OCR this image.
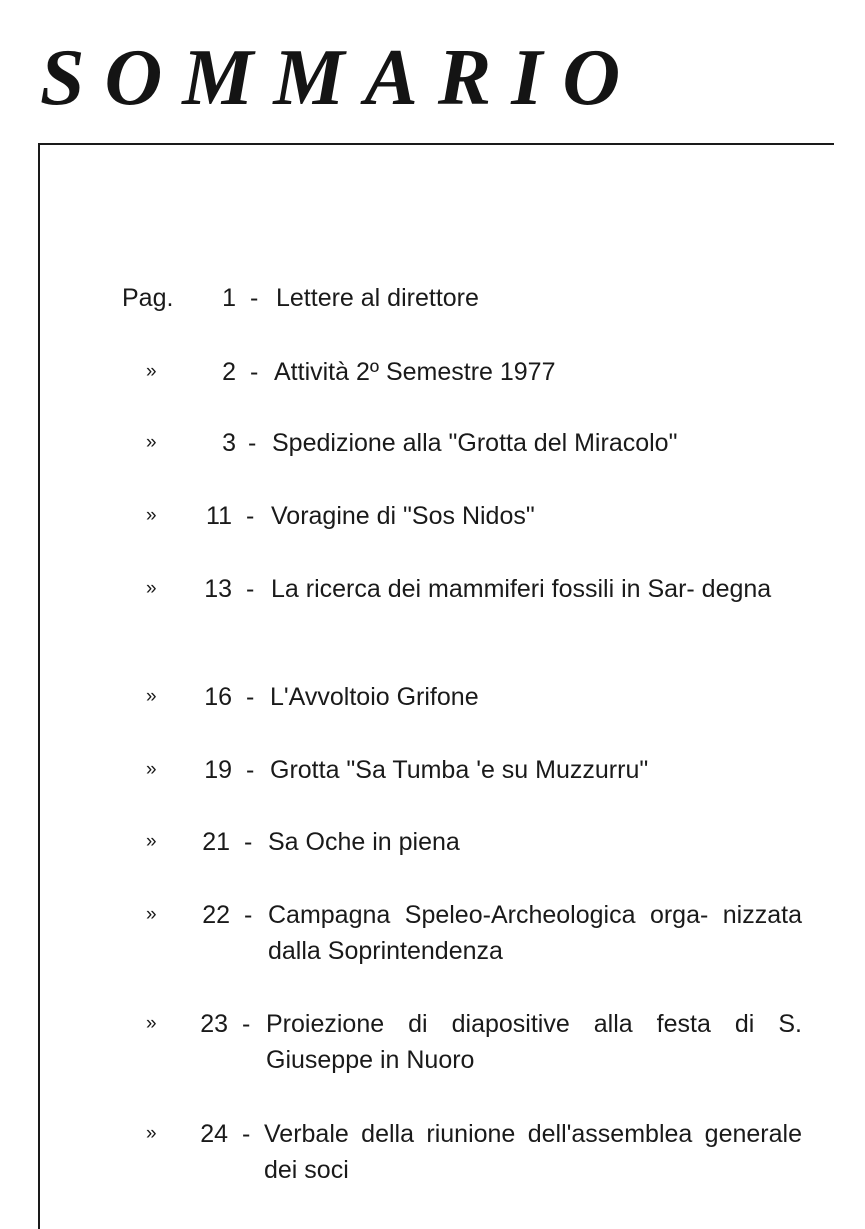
SOMMARIO
Pag.	1 - Lettere al direttore
»	2 - Attività 2º Semestre 1977
»	3 - Spedizione alla "Grotta del Miracolo"
»	11 - Voragine di "Sos Nidos"
»	13 - La ricerca dei mammiferi fossili in Sar- degna
»	16 - L'Avvoltoio Grifone
»	19 - Grotta "Sa Tumba 'e su Muzzurru"
»	21 - Sa Oche in piena
»	22 - Campagna Speleo-Archeologica orga- nizzata dalla Soprintendenza
»	23 - Proiezione di diapositive alla festa di S. Giuseppe in Nuoro
»	24 - Verbale della riunione dell'assemblea generale dei soci
